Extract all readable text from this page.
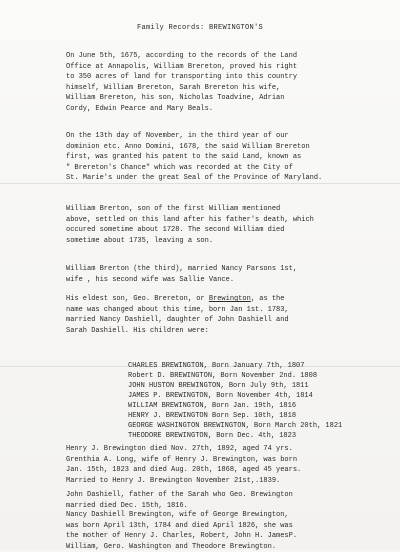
Family Records: BREWINGTON'S

On June 5th, 1675, according to the records of the Land
Office at Annapolis, William Brereton, proved his right
to 350 acres of land for transporting into this country
himself, William Brereton, Sarah Brereton his wife,
William Brereton, his son, Nicholas Toadvine, Adrian
Cordy, Edwin Pearce and Mary Beals.

On the 13th day of November, in the third year of our
dominion etc. Anno Domini, 1678, the said William Brereton
first, was granted his patent to the said Land, known as
" Brereton's Chance" which was recorded at the City of
St. Marie's under the great Seal of the Province of Maryland.

William Brerton, son of the first William mentioned
above, settled on this land after his father's death, which
occured sometime about 1728. The second William died
sometime about 1735, leaving a son.

William Brerton (the third), married Nancy Parsons 1st,
wife , his second wife was Sallie Vance.

His eldest son, Geo. Brereton, or Brewington, as the
name was changed about this time, born Jan 1st. 1783,
married Nancy Dashiell, daughter of John Dashiell and
Sarah Dashiell. His children were:

CHARLES BREWINGTON, Born January 7th, 1807
Robert D. BREWINGTON, Born November 2nd. 1808
JOHN HUSTON BREWINGTON, Born July 9th, 1811
JAMES P. BREWINGTON, Born November 4th, 1814
WILLIAM BREWINGTON, Born Jan. 19th, 1816
HENRY J. BREWINGTON Born Sep. 10th, 1818
GEORGE WASHINGTON BREWINGTON, Born March 20th, 1821
THEODORE BREWINGTON, Born Dec. 4th, 1823

Henry J. Brewington died Nov. 27th, 1892, aged 74 yrs.
Grenthia A. Long, wife of Henry J. Brewington, was born
Jan. 15th, 1823 and died Aug. 20th, 1868, aged 45 years.
Married to Henry J. Brewington November 21st,.1839.

John Dashiell, father of the Sarah who Geo. Brewington
married died Dec. 15th, 1816.

Nancy Dashiell Brewington, wife of George Brewington,
was born April 13th, 1784 and died April 1826, she was
the mother of Henry J. Charles, Robert, John H. JamesP.
William, Gero. Washington and Theodore Brewington.
